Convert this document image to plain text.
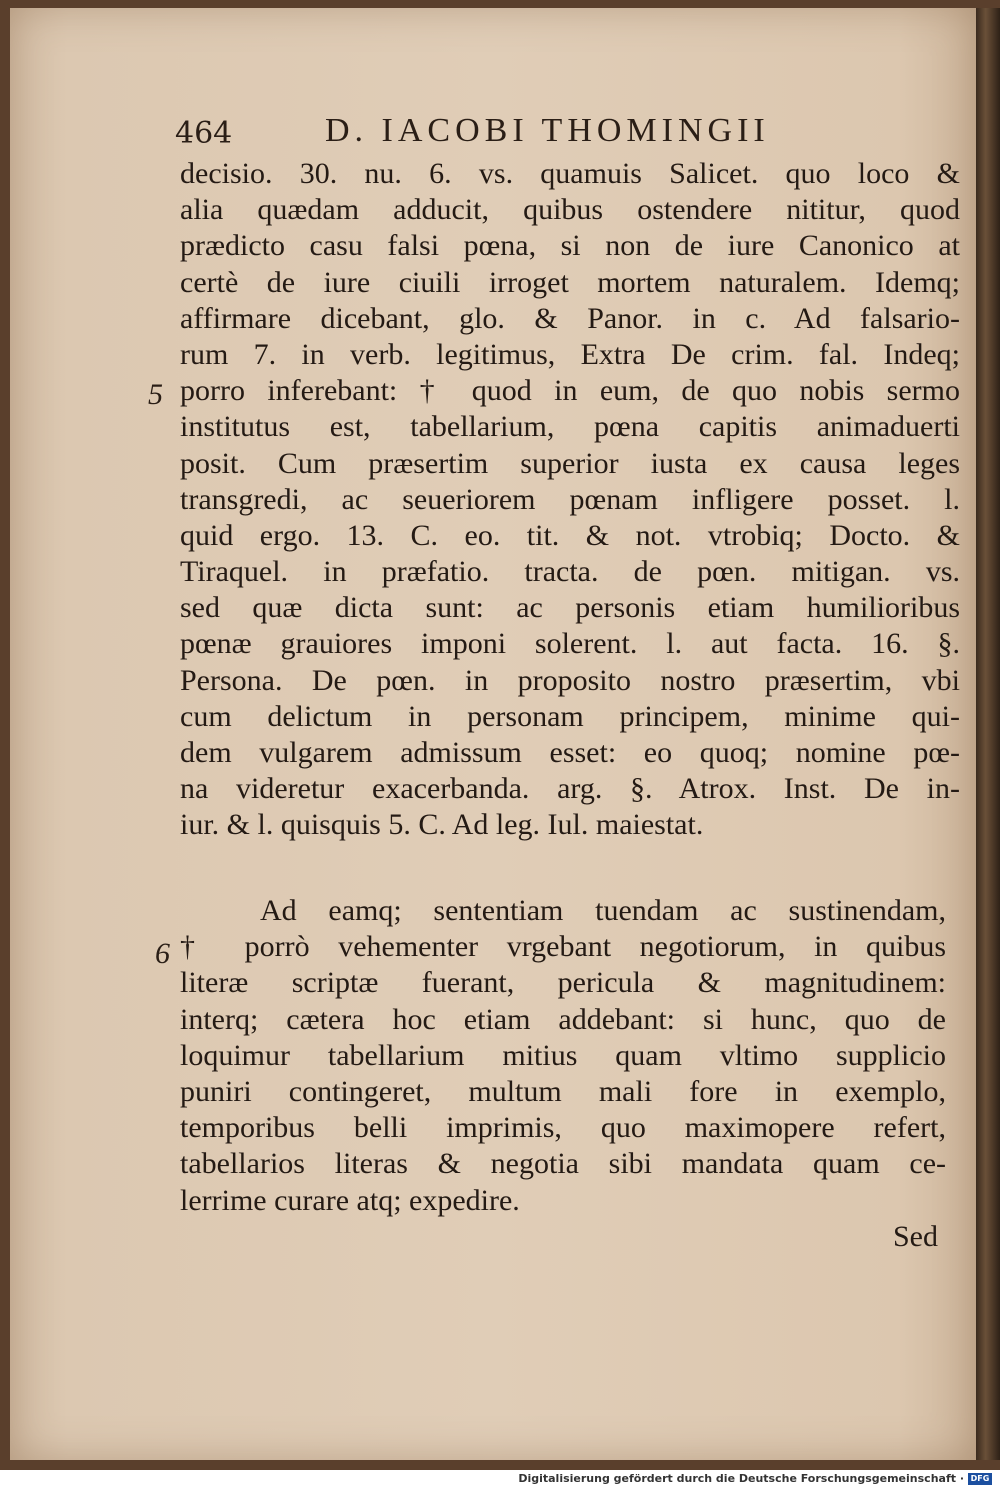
464	D. IACOBI THOMINGII
decisio. 30. nu. 6. vs. quamuis Salicet. quo loco &
alia quædam adducit, quibus ostendere nititur, quod
prædicto casu falsi pœna, si non de iure Canonico at
certè de iure ciuili irroget mortem naturalem. Idemq;
affirmare dicebant, glo. & Panor. in c. Ad falsario-
rum 7. in verb. legitimus, Extra De crim. fal. Indeq;
porro inferebant: † quod in eum, de quo nobis sermo
institutus est, tabellarium, pœna capitis animaduerti
posit. Cum præsertim superior iusta ex causa leges
transgredi, ac seueriorem pœnam infligere posset. l.
quid ergo. 13. C. eo. tit. & not. vtrobiq; Docto. &
Tiraquel. in præfatio. tracta. de pœn. mitigan. vs.
sed quæ dicta sunt: ac personis etiam humilioribus
pœnæ grauiores imponi solerent. l. aut facta. 16. §.
Persona. De pœn. in proposito nostro præsertim, vbi
cum delictum in personam principem, minime qui-
dem vulgarem admissum esset: eo quoq; nomine pœ-
na videretur exacerbanda. arg. §. Atrox. Inst. De in-
iur. & l. quisquis 5. C. Ad leg. Iul. maiestat.
5
6
Ad eamq; sententiam tuendam ac sustinendam,
† porrò vehementer vrgebant negotiorum, in quibus
literæ scriptæ fuerant, pericula & magnitudinem:
interq; cætera hoc etiam addebant: si hunc, quo de
loquimur tabellarium mitius quam vltimo supplicio
puniri contingeret, multum mali fore in exemplo,
temporibus belli imprimis, quo maximopere refert,
tabellarios literas & negotia sibi mandata quam ce-
lerrime curare atq; expedire.
Sed
Digitalisierung gefördert durch die Deutsche Forschungsgemeinschaft · DFG
